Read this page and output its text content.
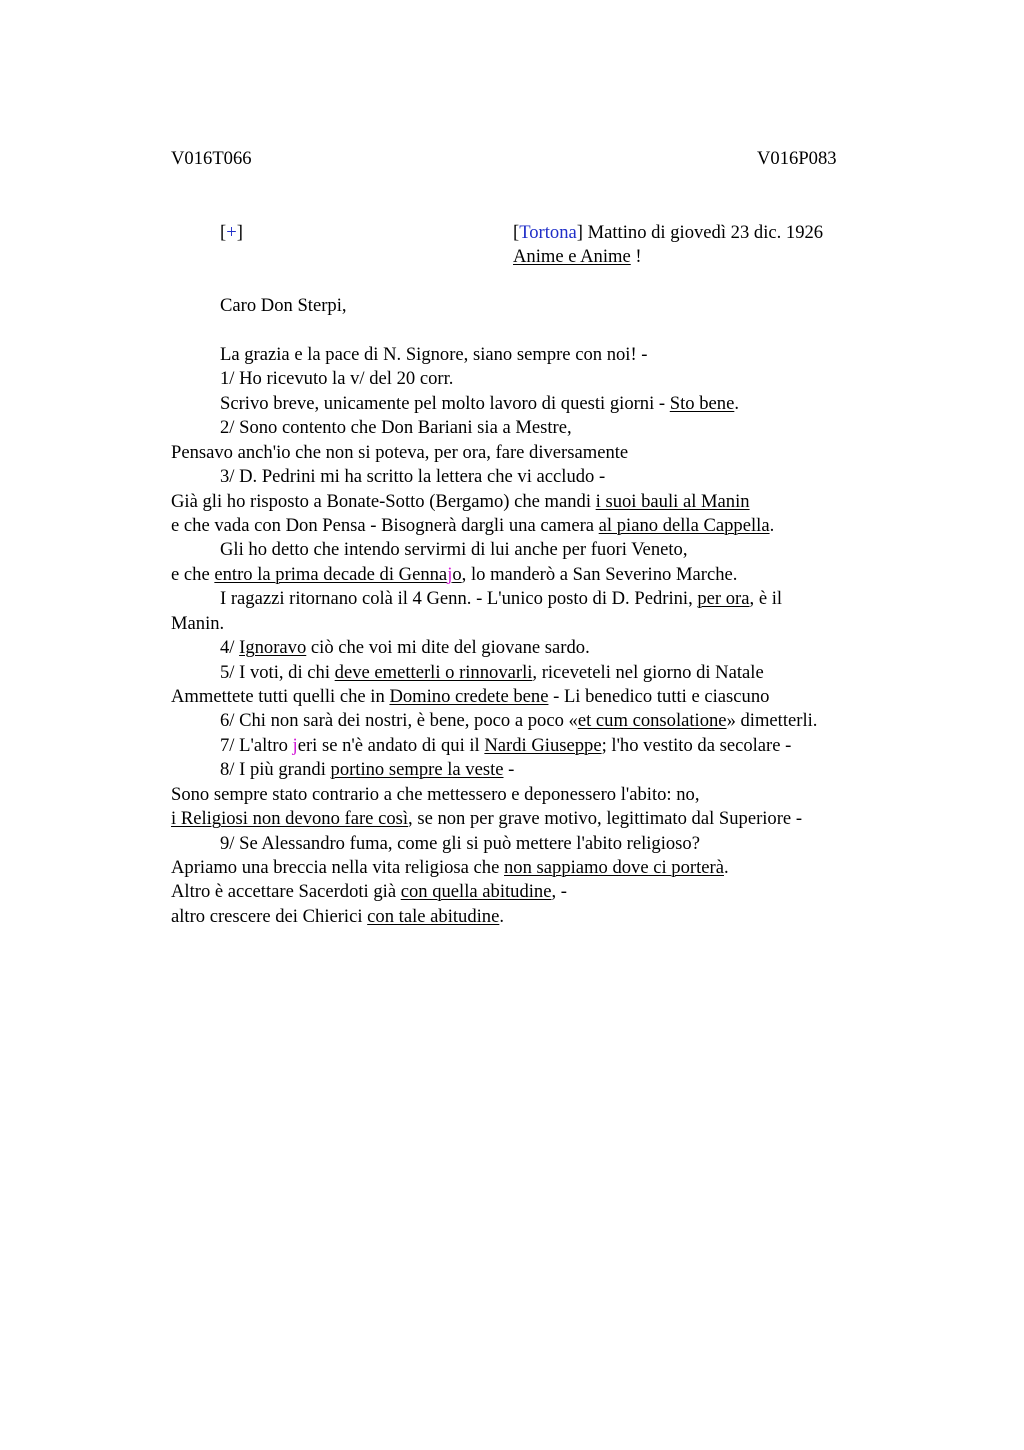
V016T066	V016P083
[+]	[Tortona] Mattino di giovedì 23 dic. 1926
Anime e Anime !
Caro Don Sterpi,
La grazia e la pace di N. Signore, siano sempre con noi! -
1/ Ho ricevuto la v/ del 20 corr.
Scrivo breve, unicamente pel molto lavoro di questi giorni - Sto bene.
2/ Sono contento che Don Bariani sia a Mestre,
Pensavo anch'io che non si poteva, per ora, fare diversamente
3/ D. Pedrini mi ha scritto la lettera che vi accludo -
Già gli ho risposto a Bonate-Sotto (Bergamo) che mandi i suoi bauli al Manin
e che vada con Don Pensa - Bisognerà dargli una camera al piano della Cappella.
Gli ho detto che intendo servirmi di lui anche per fuori Veneto,
e che entro la prima decade di Gennajo, lo manderò a San Severino Marche.
I ragazzi ritornano colà il 4 Genn. - L'unico posto di D. Pedrini, per ora, è il
Manin.
4/ Ignoravo ciò che voi mi dite del giovane sardo.
5/ I voti, di chi deve emetterli o rinnovarli, riceveteli nel giorno di Natale
Ammettete tutti quelli che in Domino credete bene - Li benedico tutti e ciascuno
6/ Chi non sarà dei nostri, è bene, poco a poco «et cum consolatione» dimetterli.
7/ L'altro jeri se n'è andato di qui il Nardi Giuseppe; l'ho vestito da secolare -
8/ I più grandi portino sempre la veste -
Sono sempre stato contrario a che mettessero e deponessero l'abito: no,
i Religiosi non devono fare così, se non per grave motivo, legittimato dal Superiore -
9/ Se Alessandro fuma, come gli si può mettere l'abito religioso?
Apriamo una breccia nella vita religiosa che non sappiamo dove ci porterà.
Altro è accettare Sacerdoti già con quella abitudine, -
altro crescere dei Chierici con tale abitudine.
